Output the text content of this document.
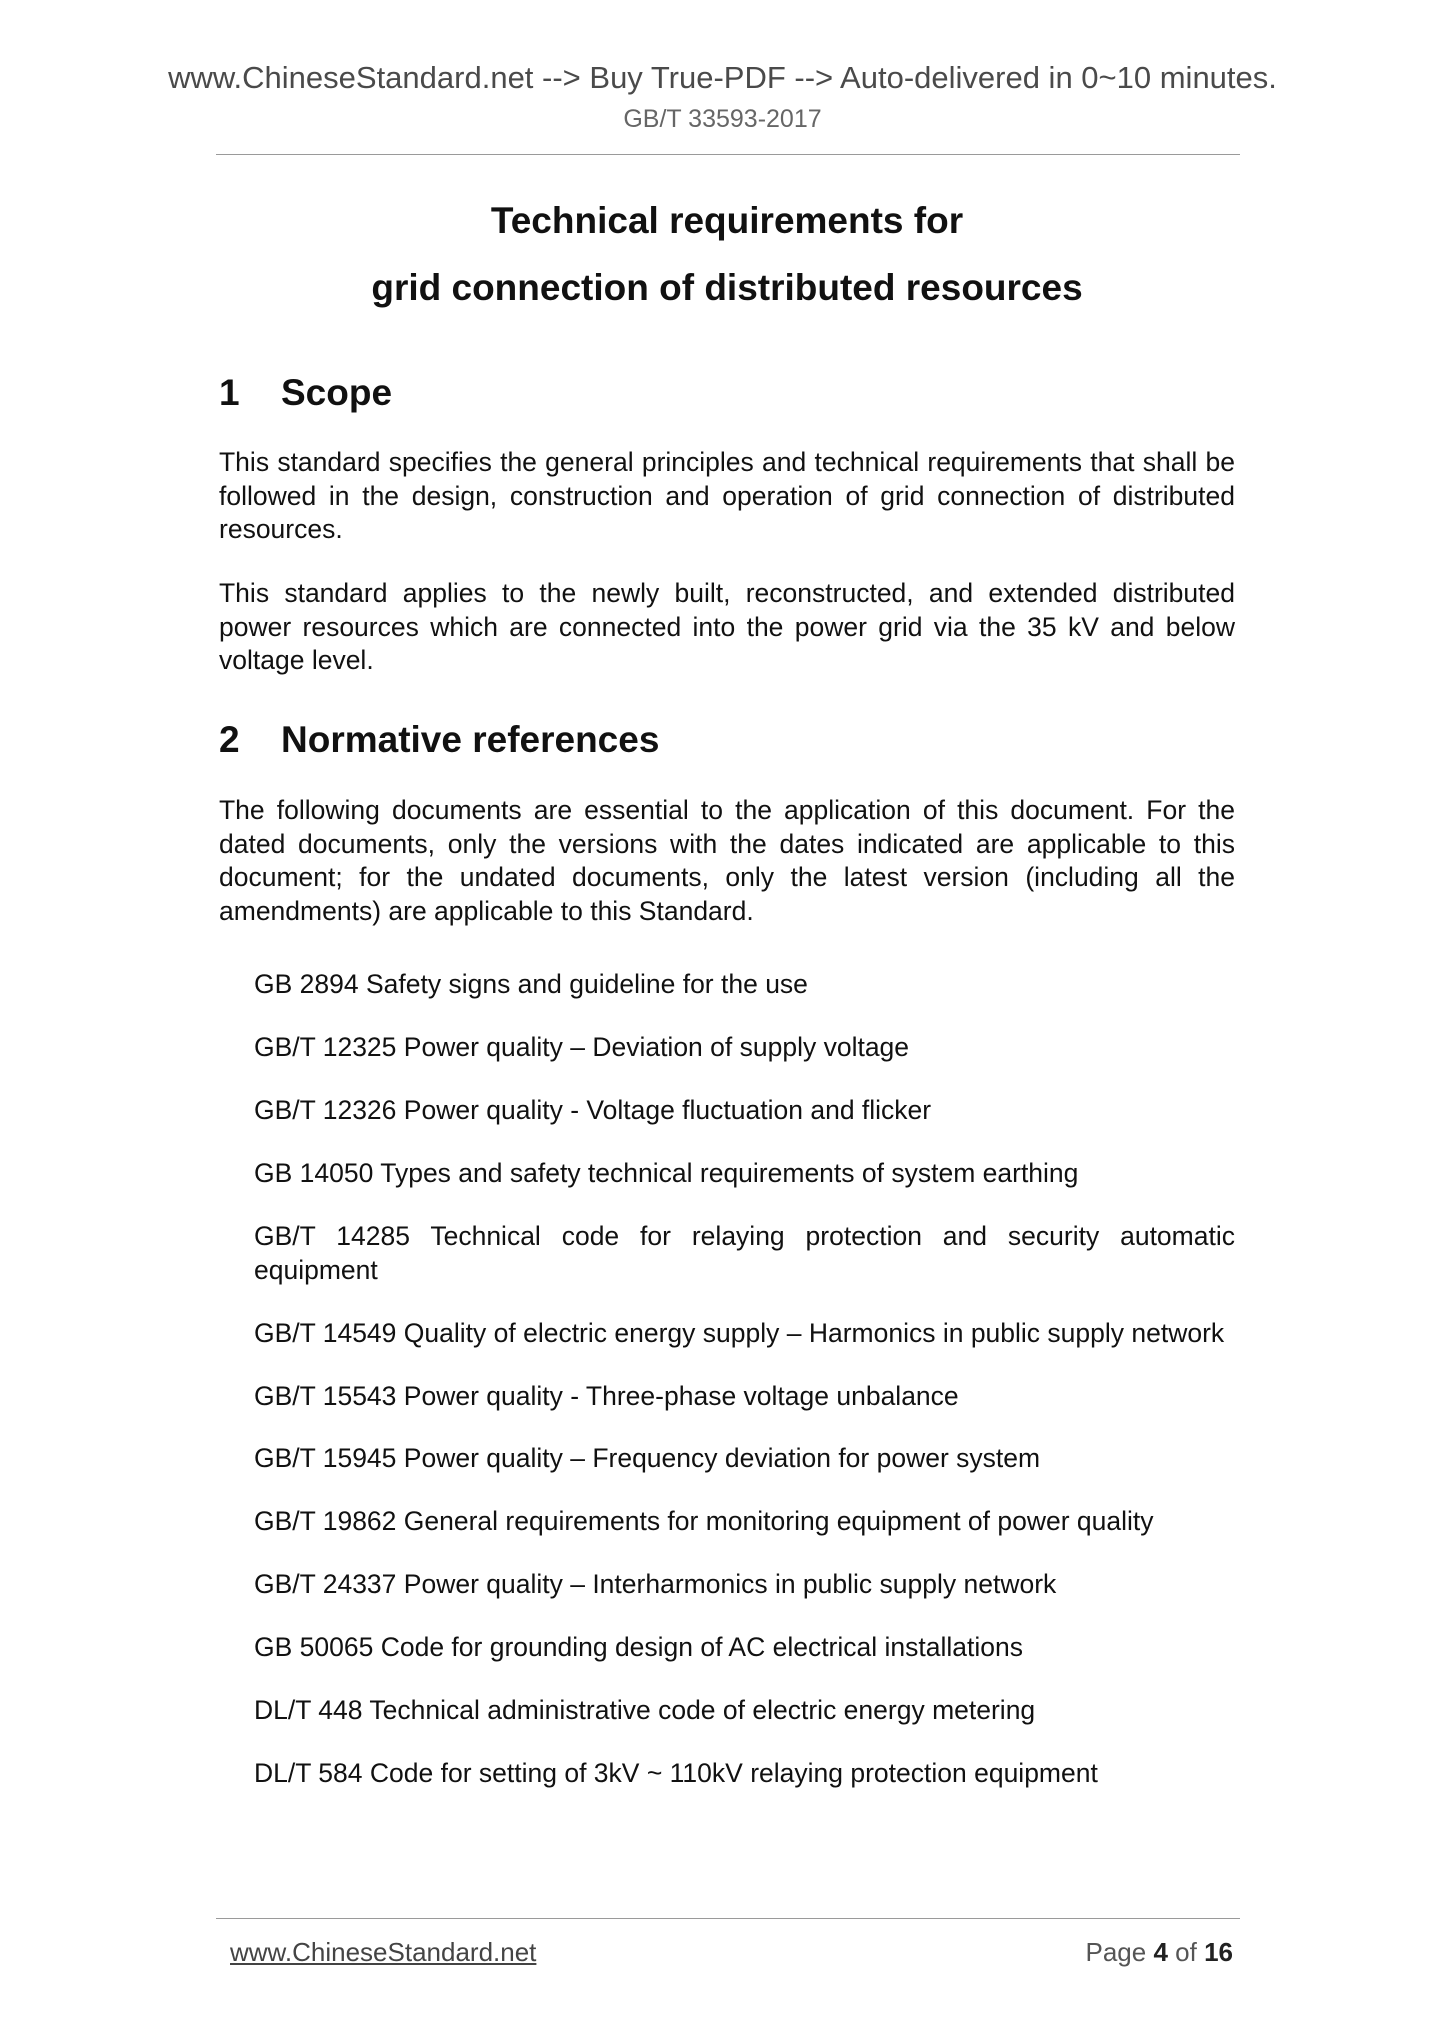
www.ChineseStandard.net --> Buy True-PDF --> Auto-delivered in 0~10 minutes.
GB/T 33593-2017
Technical requirements for
grid connection of distributed resources
1 Scope
This standard specifies the general principles and technical requirements that shall be followed in the design, construction and operation of grid connection of distributed resources.
This standard applies to the newly built, reconstructed, and extended distributed power resources which are connected into the power grid via the 35 kV and below voltage level.
2 Normative references
The following documents are essential to the application of this document. For the dated documents, only the versions with the dates indicated are applicable to this document; for the undated documents, only the latest version (including all the amendments) are applicable to this Standard.
GB 2894 Safety signs and guideline for the use
GB/T 12325 Power quality – Deviation of supply voltage
GB/T 12326 Power quality - Voltage fluctuation and flicker
GB 14050 Types and safety technical requirements of system earthing
GB/T 14285 Technical code for relaying protection and security automatic equipment
GB/T 14549 Quality of electric energy supply – Harmonics in public supply network
GB/T 15543 Power quality - Three-phase voltage unbalance
GB/T 15945 Power quality – Frequency deviation for power system
GB/T 19862 General requirements for monitoring equipment of power quality
GB/T 24337 Power quality – Interharmonics in public supply network
GB 50065 Code for grounding design of AC electrical installations
DL/T 448 Technical administrative code of electric energy metering
DL/T 584 Code for setting of 3kV ~ 110kV relaying protection equipment
www.ChineseStandard.net	Page 4 of 16
